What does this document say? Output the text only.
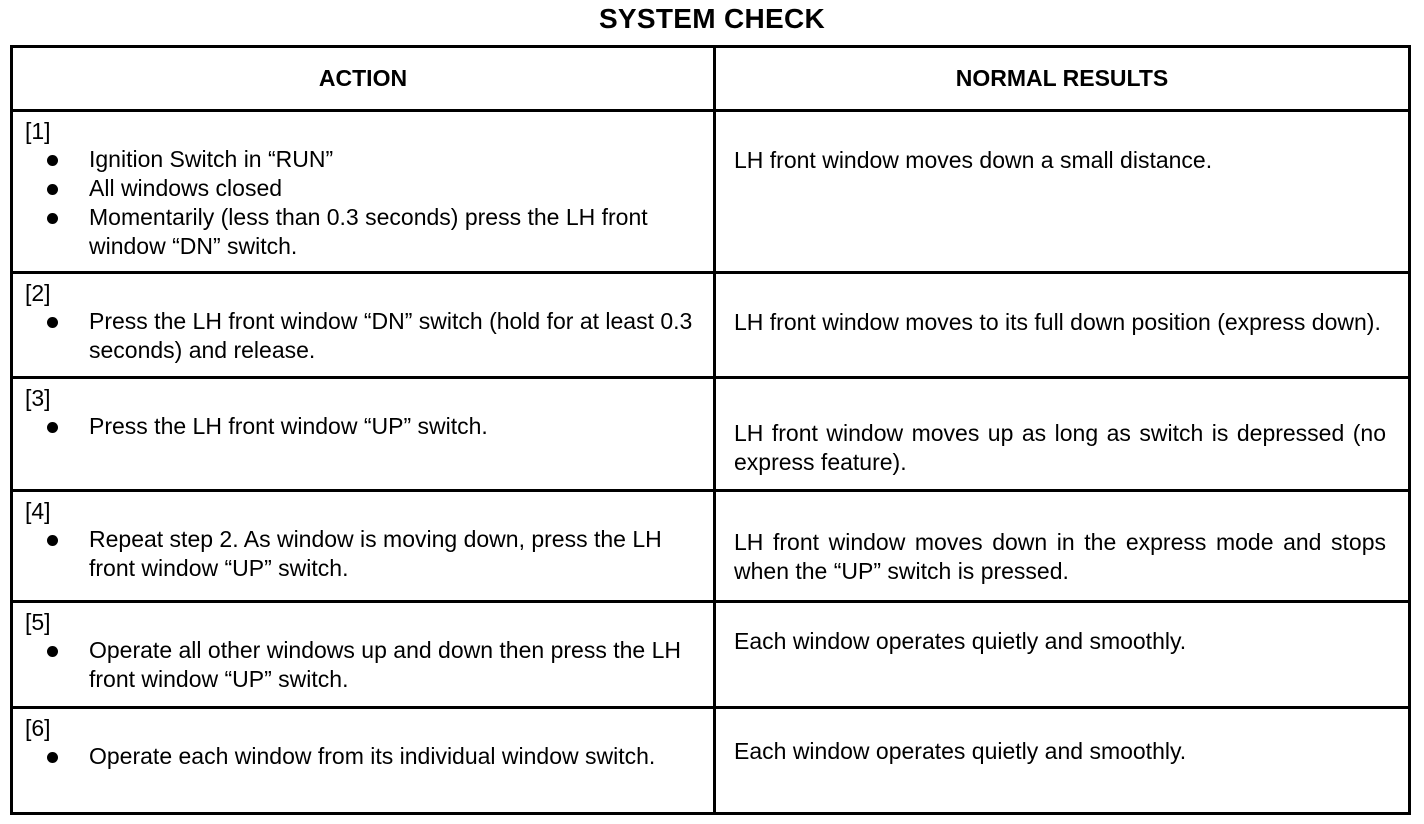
SYSTEM CHECK
ACTION	NORMAL RESULTS

[1]
Ignition Switch in “RUN”
All windows closed
Momentarily (less than 0.3 seconds) press the LH front window “DN” switch.	LH front window moves down a small distance.

[2]
Press the LH front window “DN” switch (hold for at least 0.3 seconds) and release.	LH front window moves to its full down position (express down).

[3]
Press the LH front window “UP” switch.	LH front window moves up as long as switch is depressed (no express feature).

[4]
Repeat step 2. As window is moving down, press the LH front window “UP” switch.	LH front window moves down in the express mode and stops when the “UP” switch is pressed.

[5]
Operate all other windows up and down then press the LH front window “UP” switch.	Each window operates quietly and smoothly.

[6]
Operate each window from its individual window switch.	Each window operates quietly and smoothly.
